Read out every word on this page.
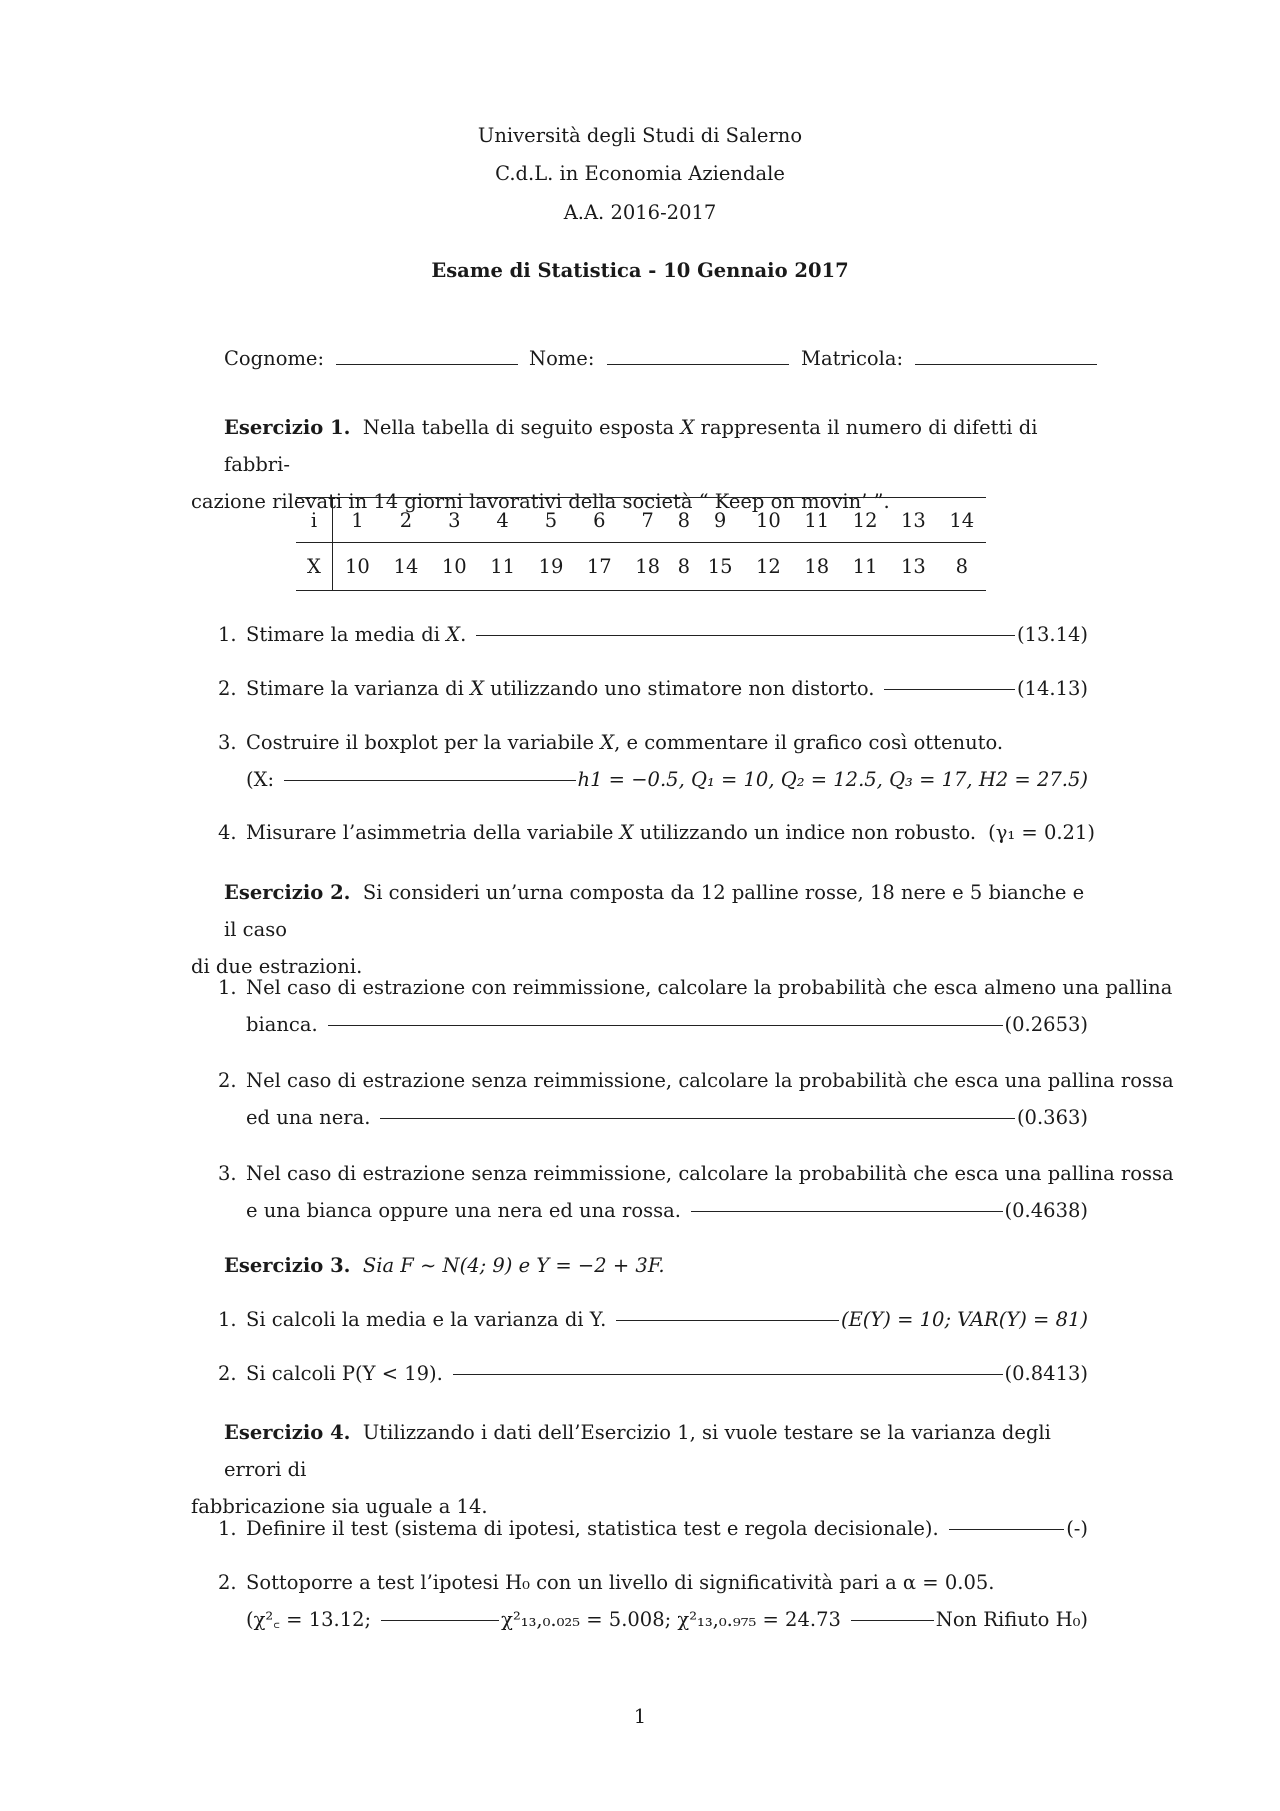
Università degli Studi di Salerno
C.d.L. in Economia Aziendale
A.A. 2016-2017
Esame di Statistica - 10 Gennaio 2017
Cognome:	Nome:	Matricola:
Esercizio 1. Nella tabella di seguito esposta X rappresenta il numero di difetti di fabbri-
cazione rilevati in 14 giorni lavorativi della società “ Keep on movin’ ”.
i	1	2	3	4	5	6	7	8	9	10	11	12	13	14
X	10	14	10	11	19	17	18	8	15	12	18	11	13	8
1. Stimare la media di
X .	(13.14)
2. Stimare la varianza di
X
utilizzando uno stimatore non distorto.	(14.13)
3. Costruire il boxplot per la variabile
X , e commentare il grafico così ottenuto.
(X:	h1 = −0.5, Q₁ = 10, Q₂ = 12.5, Q₃ = 17, H2 = 27.5)
4. Misurare l’asimmetria della variabile
X
utilizzando un indice non robusto. (γ₁ = 0.21)
Esercizio 2. Si consideri un’urna composta da 12 palline rosse, 18 nere e 5 bianche e il caso
di due estrazioni.
1. Nel caso di estrazione con reimmissione, calcolare la probabilità che esca almeno una pallina
bianca.	(0.2653)
2. Nel caso di estrazione senza reimmissione, calcolare la probabilità che esca una pallina rossa
ed una nera.	(0.363)
3. Nel caso di estrazione senza reimmissione, calcolare la probabilità che esca una pallina rossa
e una bianca oppure una nera ed una rossa.	(0.4638)
Esercizio 3. Sia F ∼ N(4; 9) e Y = −2 + 3F.
1. Si calcoli la media e la varianza di Y.	(E(Y) = 10; VAR(Y) = 81)
2. Si calcoli P(Y < 19).	(0.8413)
Esercizio 4. Utilizzando i dati dell’Esercizio 1, si vuole testare se la varianza degli errori di
fabbricazione sia uguale a 14.
1. Definire il test (sistema di ipotesi, statistica test e regola decisionale).	(-)
2. Sottoporre a test l’ipotesi H₀ con un livello di significatività pari a α = 0.05.
(χ²꜀ = 13.12;	χ²₁₃,₀.₀₂₅ = 5.008; χ²₁₃,₀.₉₇₅ = 24.73	Non Rifiuto H₀)
1
